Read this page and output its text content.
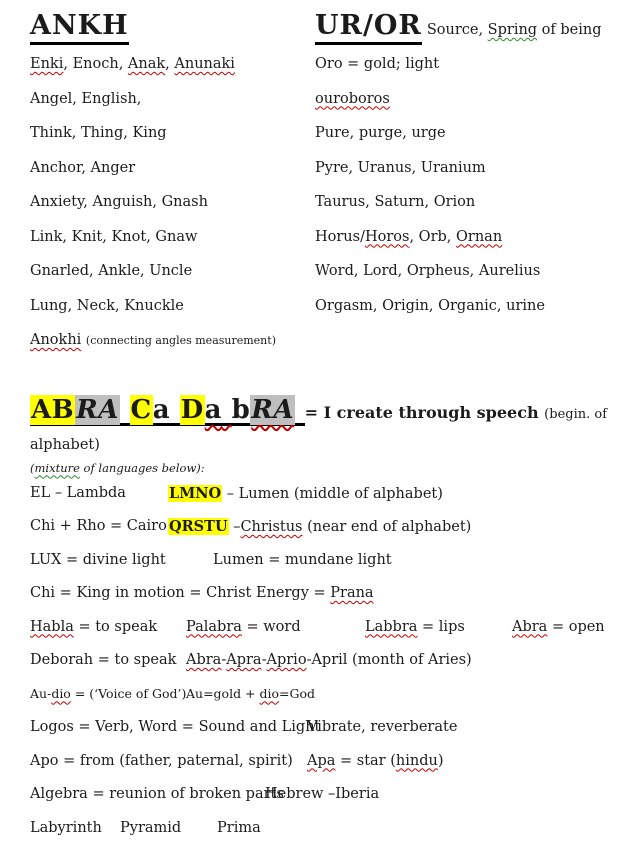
ANKH
Enki, Enoch, Anak, Anunaki
Angel, English,
Think, Thing, King
Anchor, Anger
Anxiety, Anguish, Gnash
Link, Knit, Knot, Gnaw
Gnarled, Ankle, Uncle
Lung, Neck, Knuckle
Anokhi (connecting angles measurement)
UR/OR Source, Spring of being
Oro = gold; light
ouroboros
Pure, purge, urge
Pyre, Uranus, Uranium
Taurus, Saturn, Orion
Horus/Horos, Orb, Ornan
Word, Lord, Orpheus, Aurelius
Orgasm, Origin, Organic, urine
ABRA Ca Da bRA = I create through speech (begin. of
alphabet)
(mixture of languages below):
EL – Lambda	LMNO – Lumen (middle of alphabet)
Chi + Rho = Cairo QRSTU –Christus (near end of alphabet)
LUX = divine light	Lumen = mundane light
Chi = King in motion = Christ Energy = Prana
Habla = to speak Palabra = word	Labbra = lips	Abra = open
Deborah = to speak Abra-Apra-Aprio-April (month of Aries)
Au-dio = (‘Voice of God’) Au=gold + dio=God
Logos = Verb, Word = Sound and Light
Vibrate, reverberate
Apo = from (father, paternal, spirit) Apa = star (hindu)
Algebra = reunion of broken parts
Hebrew –Iberia
Labyrinth Pyramid Prima
